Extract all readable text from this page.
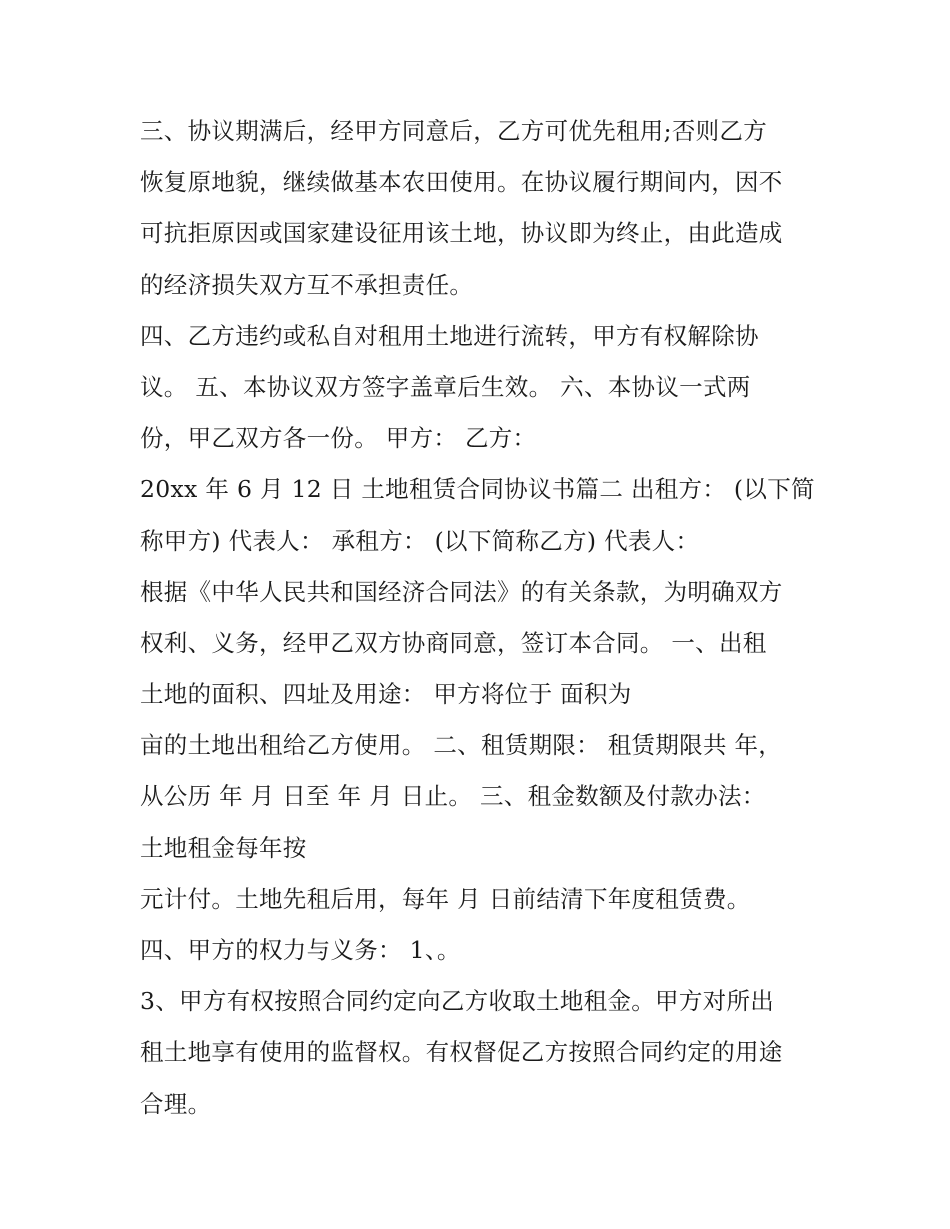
三、协议期满后，经甲方同意后，乙方可优先租用;否则乙方
恢复原地貌，继续做基本农田使用。在协议履行期间内，因不
可抗拒原因或国家建设征用该土地，协议即为终止，由此造成
的经济损失双方互不承担责任。
四、乙方违约或私自对租用土地进行流转，甲方有权解除协
议。 五、本协议双方签字盖章后生效。 六、本协议一式两
份，甲乙双方各一份。 甲方： 乙方：
20xx 年 6 月 12 日 土地租赁合同协议书篇二 出租方： (以下简
称甲方) 代表人： 承租方： (以下简称乙方) 代表人：
根据《中华人民共和国经济合同法》的有关条款，为明确双方
权利、义务，经甲乙双方协商同意，签订本合同。 一、出租
土地的面积、四址及用途： 甲方将位于 面积为
亩的土地出租给乙方使用。 二、租赁期限： 租赁期限共 年，
从公历 年 月 日至 年 月 日止。 三、租金数额及付款办法：
土地租金每年按
元计付。土地先租后用，每年 月 日前结清下年度租赁费。
四、甲方的权力与义务： 1、。
3、甲方有权按照合同约定向乙方收取土地租金。甲方对所出
租土地享有使用的监督权。有权督促乙方按照合同约定的用途
合理。
